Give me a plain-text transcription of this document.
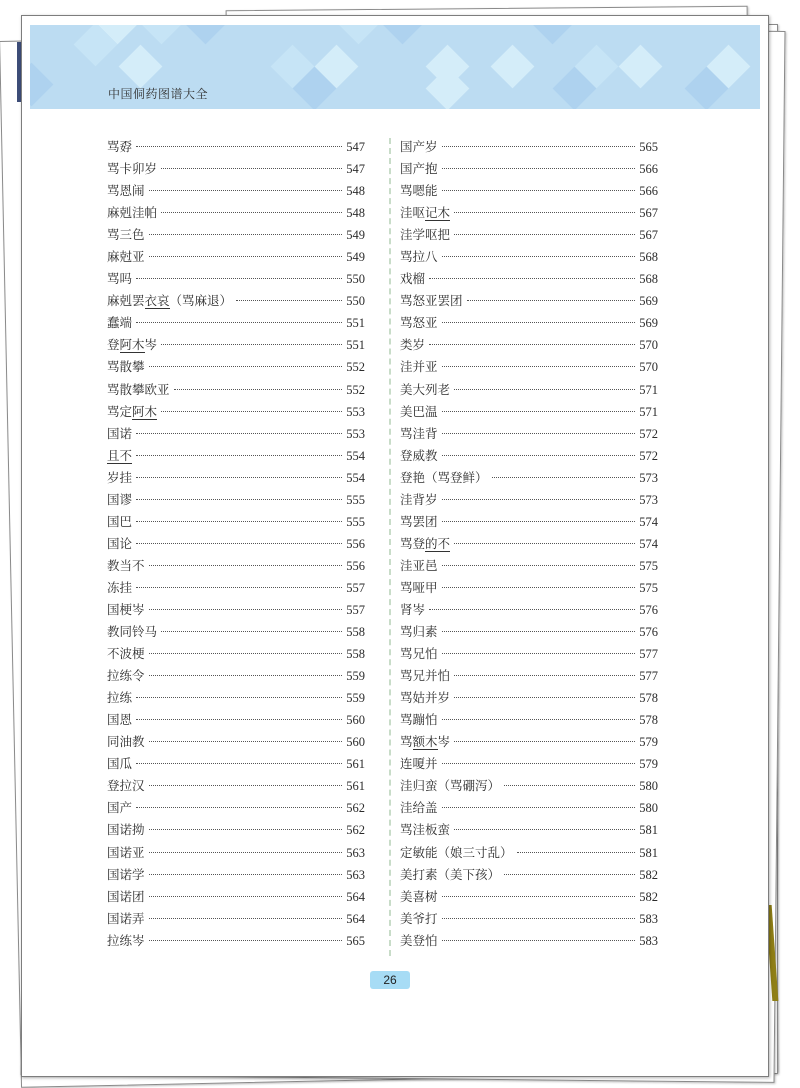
中国侗药图谱大全
骂孬	547
骂卡卯岁	547
骂恩闹	548
麻剋洼帕	548
骂三色	549
麻尅亚	549
骂吗	550
麻剋罢衣哀（骂麻退）	550
蠢端	551
登阿木岑	551
骂散攀	552
骂散攀欧亚	552
骂定阿木	553
国诺	553
且不	554
岁挂	554
国谬	555
国巴	555
国论	556
教当不	556
冻挂	557
国梗岑	557
教同铃马	558
不波梗	558
拉练令	559
拉练	559
国恩	560
同油教	560
国瓜	561
登拉汉	561
国产	562
国诺拗	562
国诺亚	563
国诺学	563
国诺团	564
国诺弄	564
拉练岑	565
国产岁	565
国产抱	566
骂嗯能	566
洼呕记木	567
洼学呕把	567
骂拉八	568
戏榴	568
骂怒亚罢团	569
骂怒亚	569
类岁	570
洼并亚	570
美大列老	571
美巴温	571
骂洼背	572
登威教	572
登艳（骂登鲜）	573
洼背岁	573
骂罢团	574
骂登的不	574
洼亚邑	575
骂哑甲	575
肾岑	576
骂归素	576
骂兄怕	577
骂兄并怕	577
骂姑并岁	578
骂蹦怕	578
骂额木岑	579
连嗄并	579
洼归蛮（骂硼泻）	580
洼给盖	580
骂洼板蛮	581
定敏能（娘三寸乱）	581
美打素（美下孩）	582
美喜树	582
美爷打	583
美登怕	583
26
